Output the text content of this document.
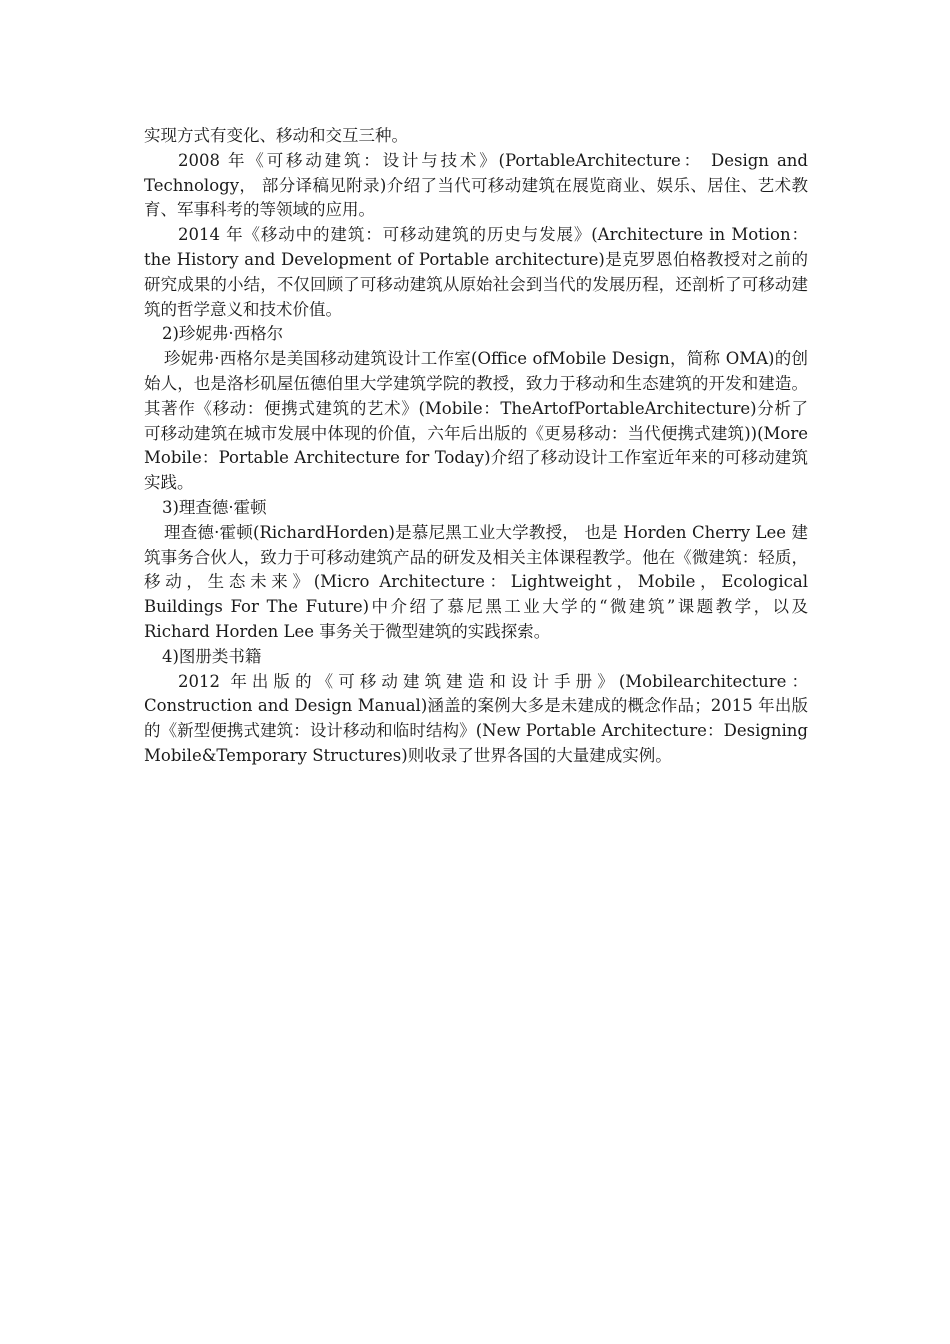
实现方式有变化、移动和交互三种。

2008 年《可移动建筑：设计与技术》(PortableArchitecture： Design and Technology， 部分译稿见附录)介绍了当代可移动建筑在展览商业、娱乐、居住、艺术教育、军事科考的等领域的应用。

2014 年《移动中的建筑：可移动建筑的历史与发展》(Architecture in Motion：the History and Development of Portable architecture)是克罗恩伯格教授对之前的研究成果的小结，不仅回顾了可移动建筑从原始社会到当代的发展历程，还剖析了可移动建筑的哲学意义和技术价值。

2)珍妮弗·西格尔

珍妮弗·西格尔是美国移动建筑设计工作室(Office ofMobile Design，简称 OMA)的创始人，也是洛杉矶屋伍德伯里大学建筑学院的教授，致力于移动和生态建筑的开发和建造。其著作《移动：便携式建筑的艺术》(Mobile：TheArtofPortableArchitecture)分析了可移动建筑在城市发展中体现的价值，六年后出版的《更易移动：当代便携式建筑))(More Mobile：Portable Architecture for Today)介绍了移动设计工作室近年来的可移动建筑实践。

3)理查德·霍顿

理查德·霍顿(RichardHorden)是慕尼黑工业大学教授， 也是 Horden Cherry Lee 建筑事务合伙人，致力于可移动建筑产品的研发及相关主体课程教学。他在《微建筑：轻质，移动，生态未来》(Micro Architecture：Lightweight，Mobile，Ecological Buildings For The Future)中介绍了慕尼黑工业大学的“微建筑”课题教学，以及 Richard Horden Lee 事务关于微型建筑的实践探索。

4)图册类书籍

2012 年出版的《可移动建筑建造和设计手册》(Mobilearchitecture：Construction and Design Manual)涵盖的案例大多是未建成的概念作品；2015 年出版的《新型便携式建筑：设计移动和临时结构》(New Portable Architecture：Designing Mobile&Temporary Structures)则收录了世界各国的大量建成实例。
